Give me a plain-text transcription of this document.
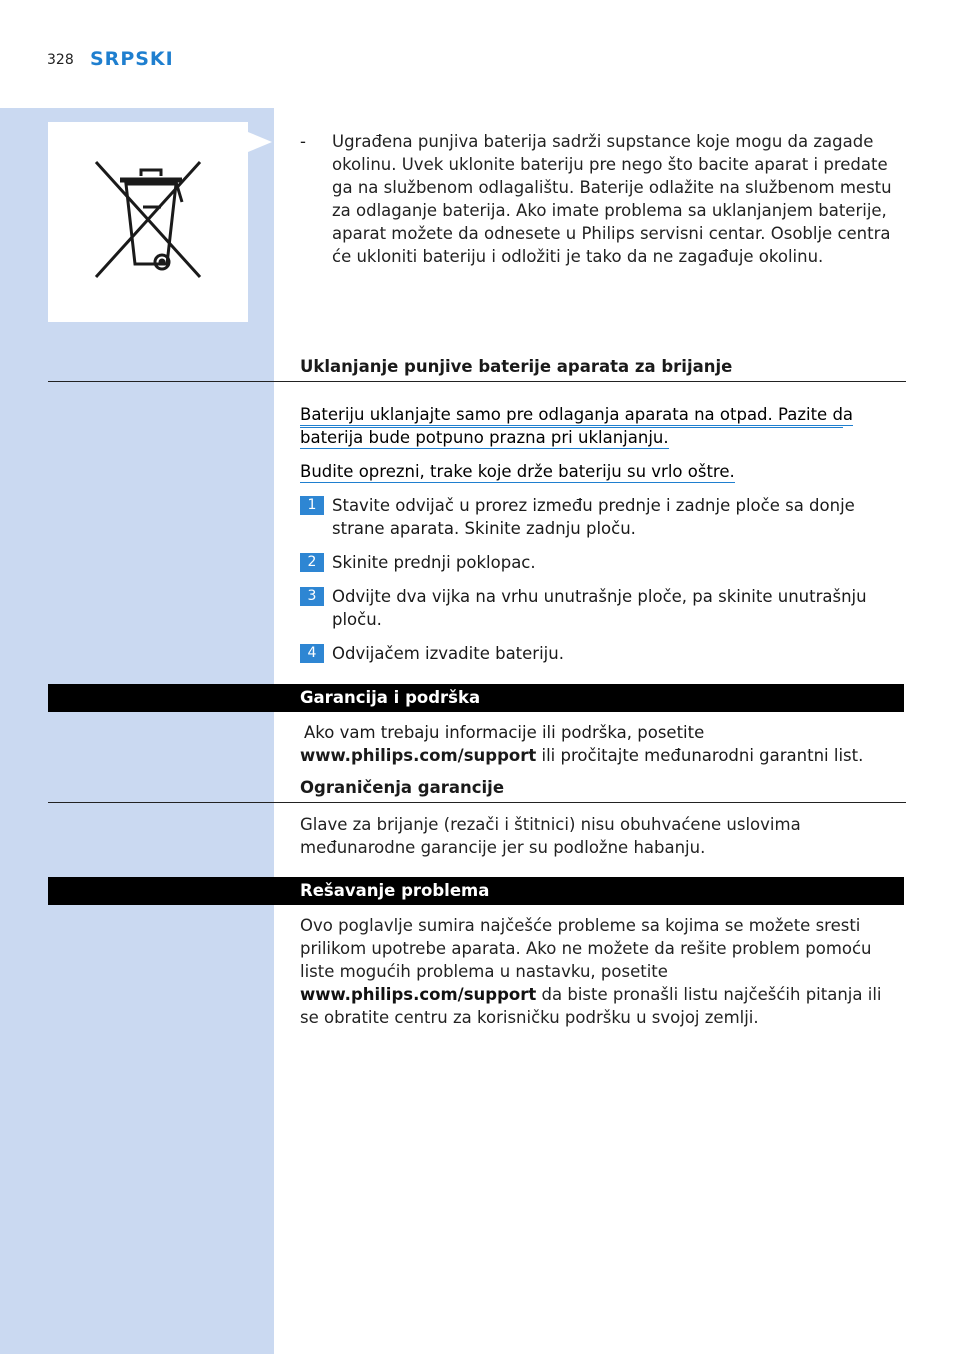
328 SRPSKI
- Ugrađena punjiva baterija sadrži supstance koje mogu da zagade okolinu. Uvek uklonite bateriju pre nego što bacite aparat i predate ga na službenom odlagalištu. Baterije odlažite na službenom mestu za odlaganje baterija. Ako imate problema sa uklanjanjem baterije, aparat možete da odnesete u Philips servisni centar. Osoblje centra će ukloniti bateriju i odložiti je tako da ne zagađuje okolinu.
Uklanjanje punjive baterije aparata za brijanje
Bateriju uklanjajte samo pre odlaganja aparata na otpad. Pazite da
baterija bude potpuno prazna pri uklanjanju.
Budite oprezni, trake koje drže bateriju su vrlo oštre.
1 Stavite odvijač u prorez između prednje i zadnje ploče sa donje strane aparata. Skinite zadnju ploču.
2 Skinite prednji poklopac.
3 Odvijte dva vijka na vrhu unutrašnje ploče, pa skinite unutrašnju ploču.
4 Odvijačem izvadite bateriju.
Garancija i podrška
Ako vam trebaju informacije ili podrška, posetite
www.philips.com/support ili pročitajte međunarodni garantni list.
Ograničenja garancije
Glave za brijanje (rezači i štitnici) nisu obuhvaćene uslovima međunarodne garancije jer su podložne habanju.
Rešavanje problema
Ovo poglavlje sumira najčešće probleme sa kojima se možete sresti prilikom upotrebe aparata. Ako ne možete da rešite problem pomoću liste mogućih problema u nastavku, posetite www.philips.com/support da biste pronašli listu najčešćih pitanja ili se obratite centru za korisničku podršku u svojoj zemlji.
